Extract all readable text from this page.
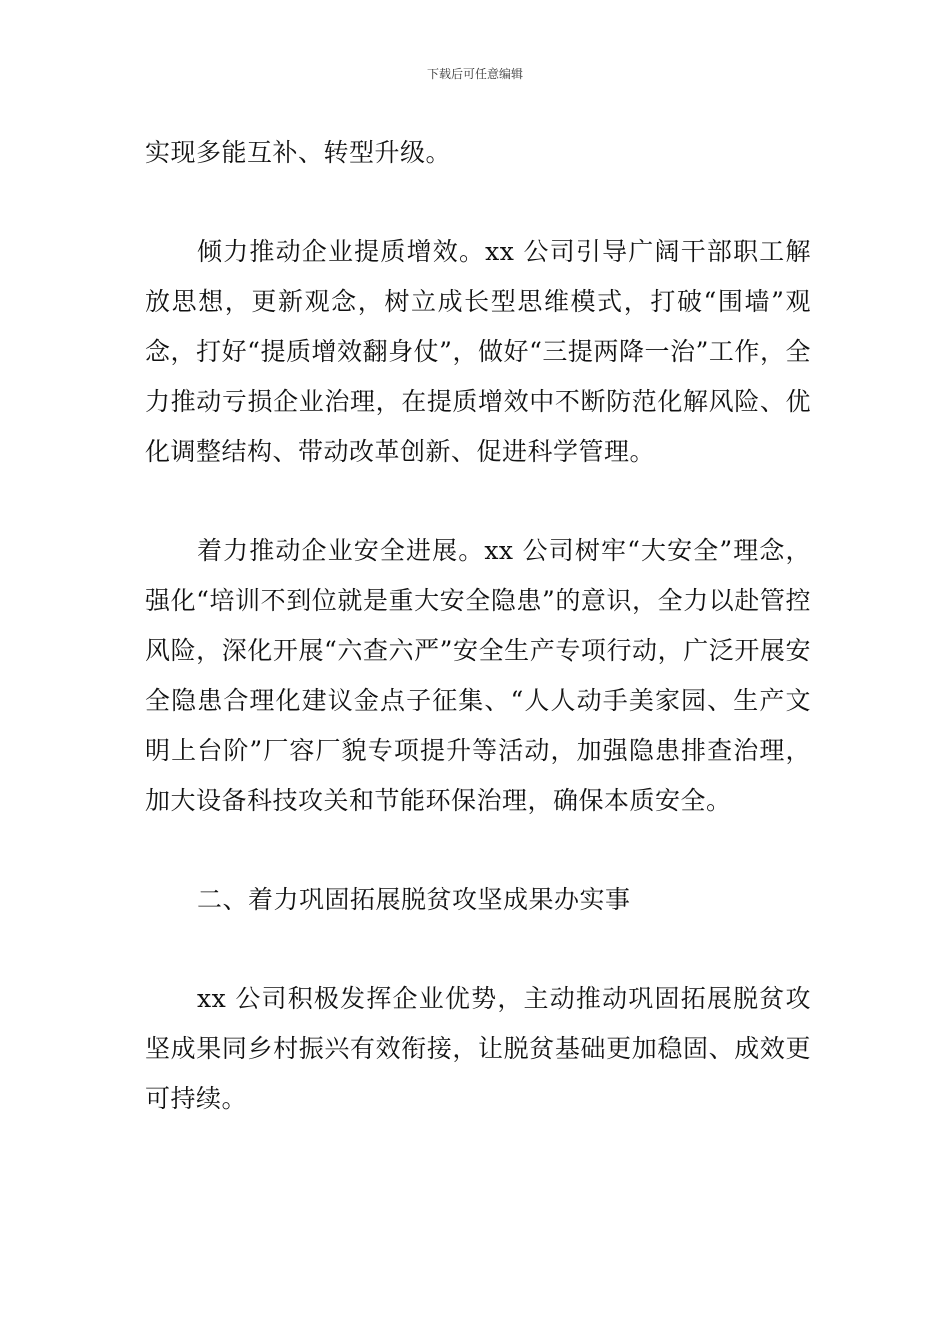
下载后可任意编辑

实现多能互补、转型升级。

倾力推动企业提质增效。xx 公司引导广阔干部职工解放思想，更新观念，树立成长型思维模式，打破“围墙”观念，打好“提质增效翻身仗”，做好“三提两降一治”工作，全力推动亏损企业治理，在提质增效中不断防范化解风险、优化调整结构、带动改革创新、促进科学管理。

着力推动企业安全进展。xx 公司树牢“大安全”理念，强化“培训不到位就是重大安全隐患”的意识，全力以赴管控风险，深化开展“六查六严”安全生产专项行动，广泛开展安全隐患合理化建议金点子征集、“人人动手美家园、生产文明上台阶”厂容厂貌专项提升等活动，加强隐患排查治理，加大设备科技攻关和节能环保治理，确保本质安全。

二、着力巩固拓展脱贫攻坚成果办实事

xx 公司积极发挥企业优势，主动推动巩固拓展脱贫攻坚成果同乡村振兴有效衔接，让脱贫基础更加稳固、成效更可持续。
